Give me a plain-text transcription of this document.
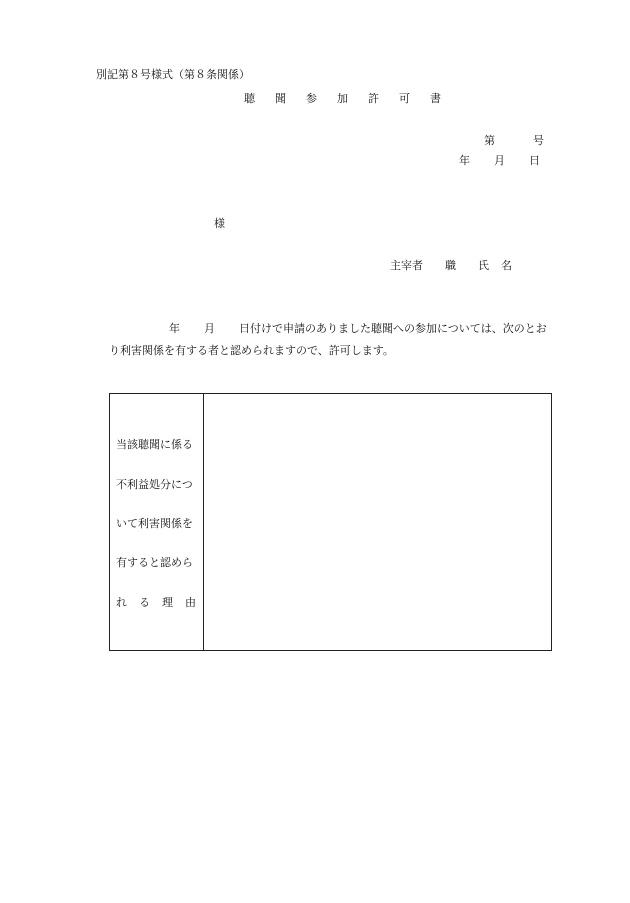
別記第８号様式（第８条関係）
聴 聞 参 加 許 可 書
第	号
年 月 日
様
主宰者 職 氏 名
年 月 日付けで申請のありました聴聞への参加については、次のとお
り利害関係を有する者と認められますので、許可します。
当該聴聞に係る
不利益処分につ
いて利害関係を
有すると認めら
れ る 理 由
